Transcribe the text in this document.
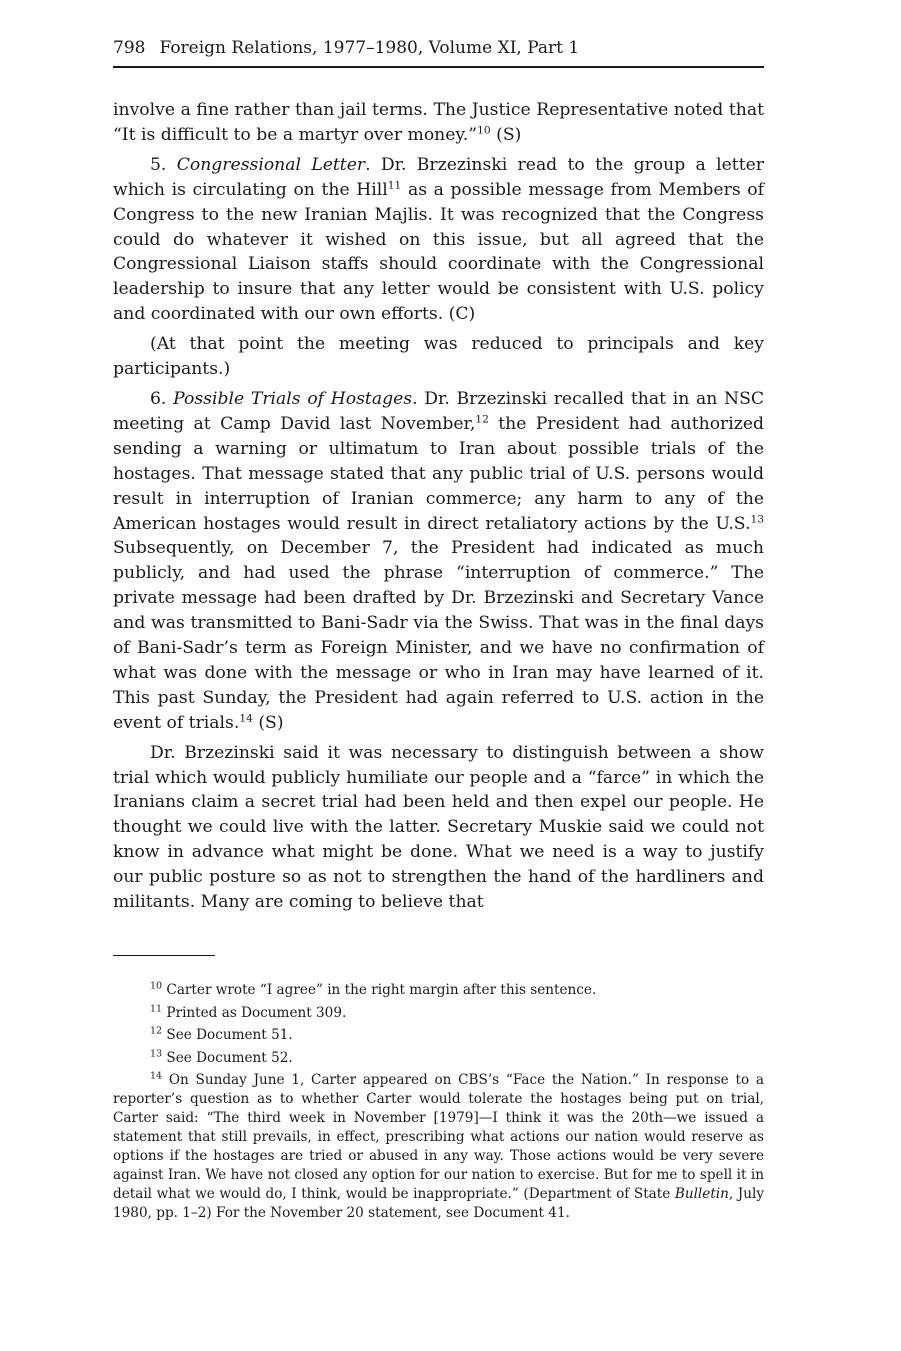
798 Foreign Relations, 1977–1980, Volume XI, Part 1

involve a fine rather than jail terms. The Justice Representative noted that “It is difficult to be a martyr over money.”$^{10}$ (S)

5. Congressional Letter. Dr. Brzezinski read to the group a letter which is circulating on the Hill$^{11}$ as a possible message from Members of Congress to the new Iranian Majlis. It was recognized that the Congress could do whatever it wished on this issue, but all agreed that the Congressional Liaison staffs should coordinate with the Congressional leadership to insure that any letter would be consistent with U.S. policy and coordinated with our own efforts. (C)

(At that point the meeting was reduced to principals and key participants.)

6. Possible Trials of Hostages. Dr. Brzezinski recalled that in an NSC meeting at Camp David last November,$^{12}$ the President had authorized sending a warning or ultimatum to Iran about possible trials of the hostages. That message stated that any public trial of U.S. persons would result in interruption of Iranian commerce; any harm to any of the American hostages would result in direct retaliatory actions by the U.S.$^{13}$ Subsequently, on December 7, the President had indicated as much publicly, and had used the phrase “interruption of commerce.” The private message had been drafted by Dr. Brzezinski and Secretary Vance and was transmitted to Bani-Sadr via the Swiss. That was in the final days of Bani-Sadr’s term as Foreign Minister, and we have no confirmation of what was done with the message or who in Iran may have learned of it. This past Sunday, the President had again referred to U.S. action in the event of trials.$^{14}$ (S)

Dr. Brzezinski said it was necessary to distinguish between a show trial which would publicly humiliate our people and a “farce” in which the Iranians claim a secret trial had been held and then expel our people. He thought we could live with the latter. Secretary Muskie said we could not know in advance what might be done. What we need is a way to justify our public posture so as not to strengthen the hand of the hardliners and militants. Many are coming to believe that

$^{10}$ Carter wrote “I agree” in the right margin after this sentence.

$^{11}$ Printed as Document 309.

$^{12}$ See Document 51.

$^{13}$ See Document 52.

$^{14}$ On Sunday June 1, Carter appeared on CBS’s “Face the Nation.” In response to a reporter’s question as to whether Carter would tolerate the hostages being put on trial, Carter said: “The third week in November [1979]—I think it was the 20th—we issued a statement that still prevails, in effect, prescribing what actions our nation would reserve as options if the hostages are tried or abused in any way. Those actions would be very severe against Iran. We have not closed any option for our nation to exercise. But for me to spell it in detail what we would do, I think, would be inappropriate.” (Department of State Bulletin, July 1980, pp. 1–2) For the November 20 statement, see Document 41.
